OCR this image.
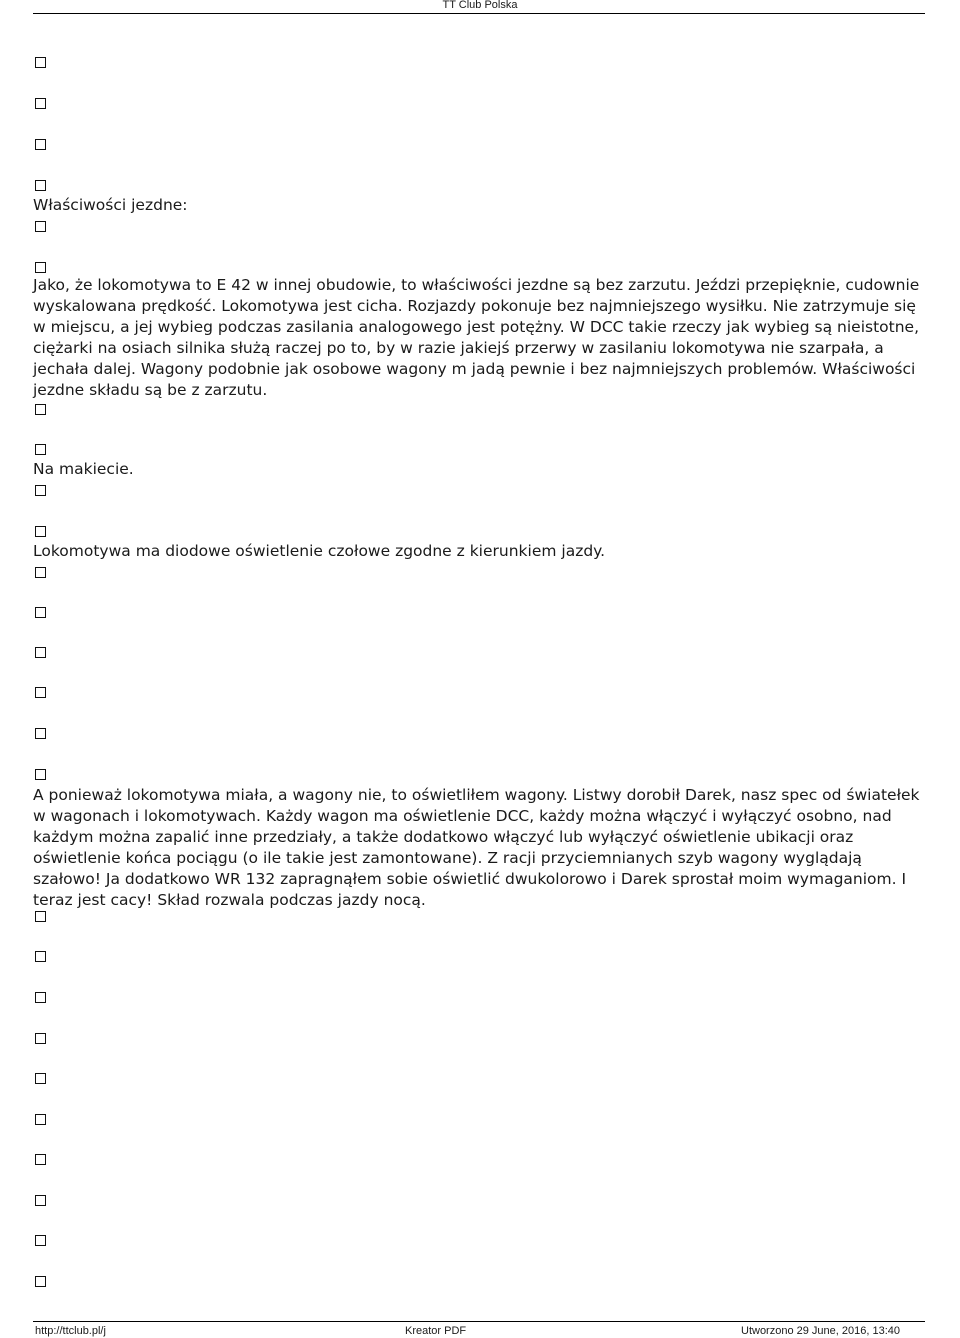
TT Club Polska

Właściwości jezdne:

Jako, że lokomotywa to E 42 w innej obudowie, to właściwości jezdne są bez zarzutu. Jeździ przepięknie, cudownie wyskalowana prędkość. Lokomotywa jest cicha. Rozjazdy pokonuje bez najmniejszego wysiłku. Nie zatrzymuje się w miejscu, a jej wybieg podczas zasilania analogowego jest potężny. W DCC takie rzeczy jak wybieg są nieistotne, ciężarki na osiach silnika służą raczej po to, by w razie jakiejś przerwy w zasilaniu lokomotywa nie szarpała, a jechała dalej. Wagony podobnie jak osobowe wagony m jadą pewnie i bez najmniejszych problemów. Właściwości jezdne składu są be z zarzutu.

Na makiecie.

Lokomotywa ma diodowe oświetlenie czołowe zgodne z kierunkiem jazdy.

A ponieważ lokomotywa miała, a wagony nie, to oświetliłem wagony. Listwy dorobił Darek, nasz spec od światełek w wagonach i lokomotywach. Każdy wagon ma oświetlenie DCC, każdy można włączyć i wyłączyć osobno, nad każdym można zapalić inne przedziały, a także dodatkowo włączyć lub wyłączyć oświetlenie ubikacji oraz oświetlenie końca pociągu (o ile takie jest zamontowane). Z racji przyciemnianych szyb wagony wyglądają szałowo! Ja dodatkowo WR 132 zapragnąłem sobie oświetlić dwukolorowo i Darek sprostał moim wymaganiom. I teraz jest cacy! Skład rozwala podczas jazdy nocą.

http://ttclub.pl/j	Kreator PDF	Utworzono 29 June, 2016, 13:40
